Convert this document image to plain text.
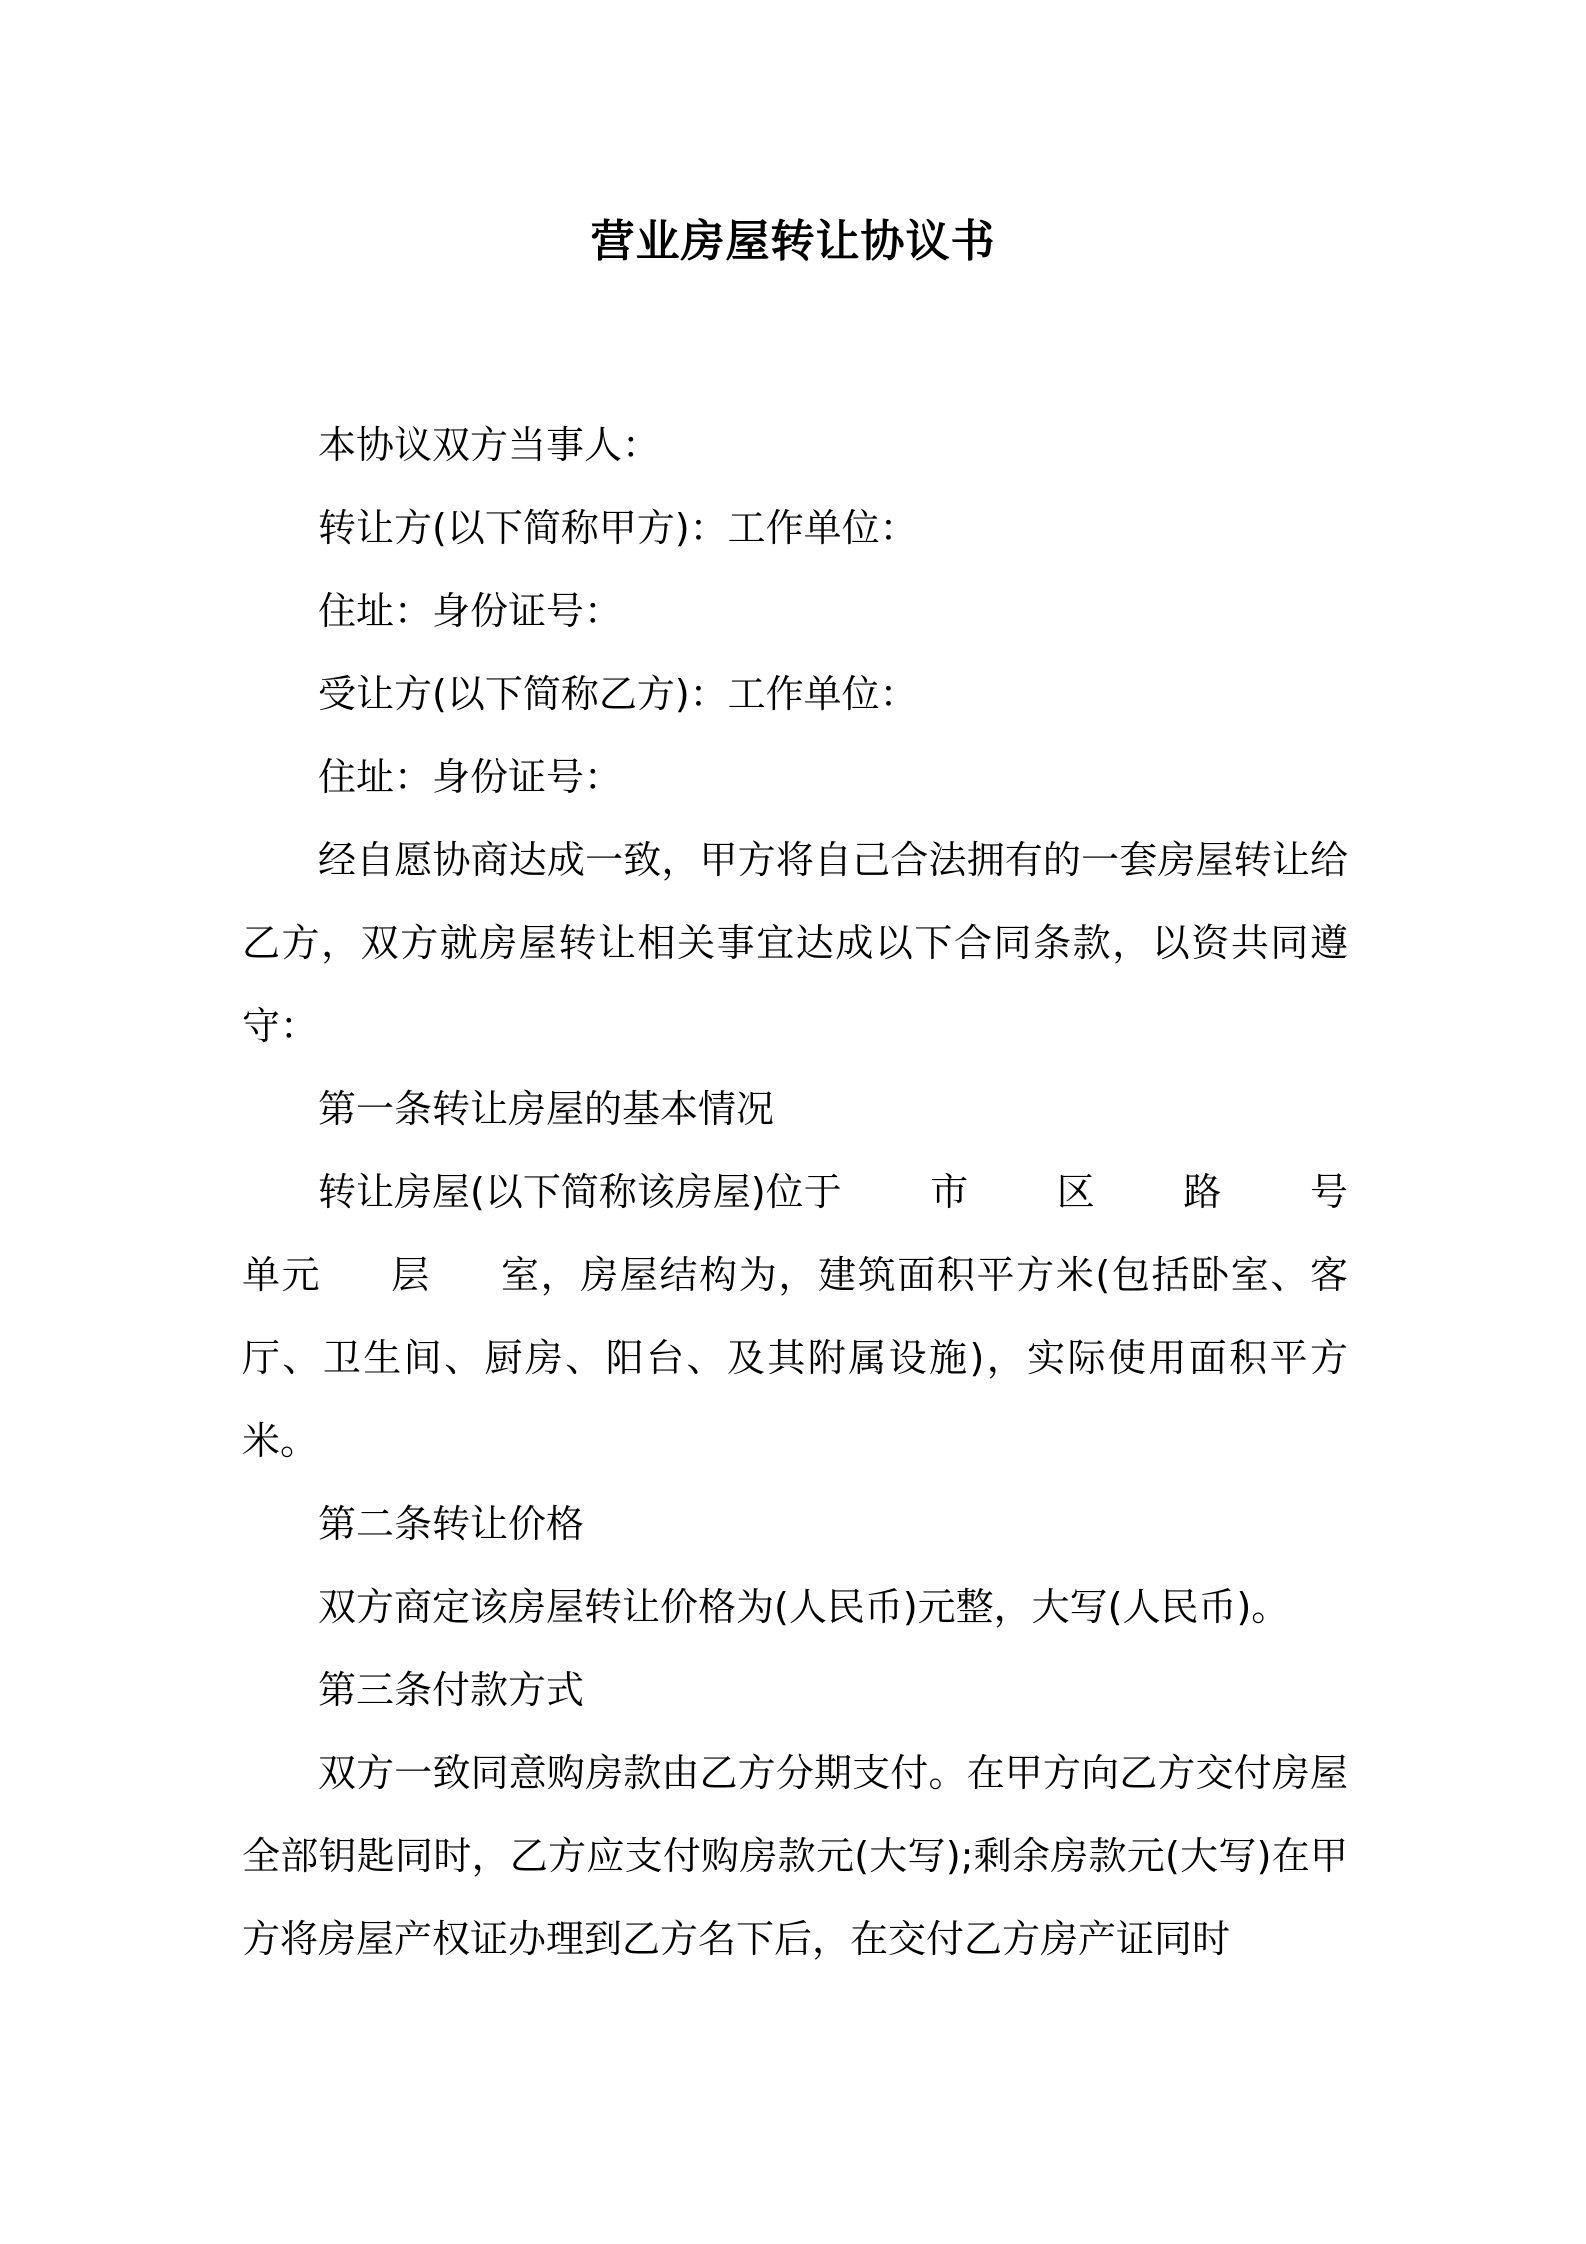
营业房屋转让协议书

本协议双方当事人：

转让方(以下简称甲方)：工作单位：

住址：身份证号：

受让方(以下简称乙方)：工作单位：

住址：身份证号：

经自愿协商达成一致，甲方将自己合法拥有的一套房屋转让给乙方，双方就房屋转让相关事宜达成以下合同条款，以资共同遵守：

第一条转让房屋的基本情况

转让房屋(以下简称该房屋)位于	市	区	路	号

单元 层 室，房屋结构为，建筑面积平方米(包括卧室、客厅、卫生间、厨房、阳台、及其附属设施)，实际使用面积平方米。

第二条转让价格

双方商定该房屋转让价格为(人民币)元整，大写(人民币)。

第三条付款方式

双方一致同意购房款由乙方分期支付。在甲方向乙方交付房屋全部钥匙同时，乙方应支付购房款元(大写);剩余房款元(大写)在甲方将房屋产权证办理到乙方名下后，在交付乙方房产证同时
